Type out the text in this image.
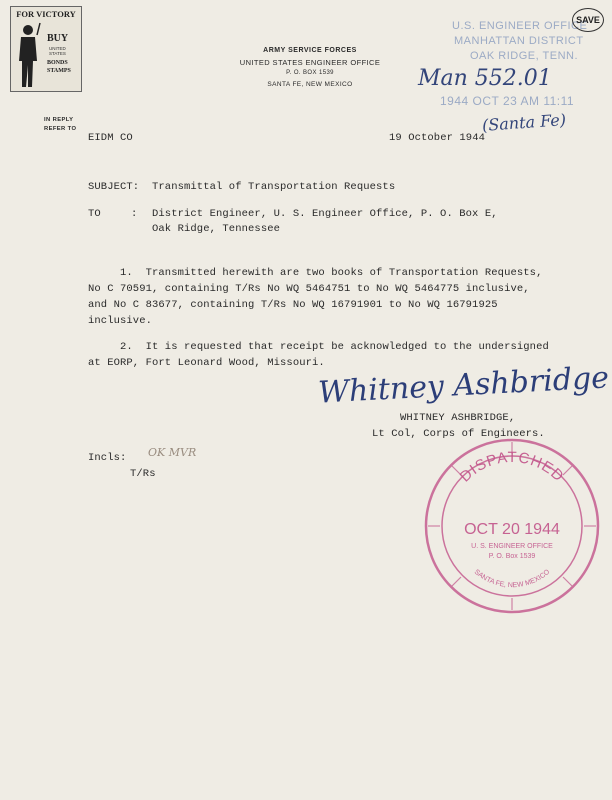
FOR VICTORY
BUY
UNITED STATES
BONDS STAMPS
ARMY SERVICE FORCES
UNITED STATES ENGINEER OFFICE
P. O. BOX 1539
SANTA FE, NEW MEXICO
U.S. ENGINEER OFFICE
MANHATTAN DISTRICT
OAK RIDGE, TENN.
1944 OCT 23 AM 11:11
SAVE
Man 552.01
(Santa Fe)
IN REPLY
REFER TO
EIDM CO	19 October 1944
SUBJECT: Transmittal of Transportation Requests
TO	: District Engineer, U. S. Engineer Office, P. O. Box E,
Oak Ridge, Tennessee
1.  Transmitted herewith are two books of Transportation Requests,
No C 70591, containing T/Rs No WQ 5464751 to No WQ 5464775 inclusive,
and No C 83677, containing T/Rs No WQ 16791901 to No WQ 16791925
inclusive.
2.  It is requested that receipt be acknowledged to the undersigned
at EORP, Fort Leonard Wood, Missouri.
Whitney Ashbridge
WHITNEY ASHBRIDGE,
Lt Col, Corps of Engineers.
Incls: OK MVR
T/Rs	DISPATCHED
OCT 20 1944
U. S. ENGINEER OFFICE
P. O. Box 1539
SANTA FE, NEW MEXICO
